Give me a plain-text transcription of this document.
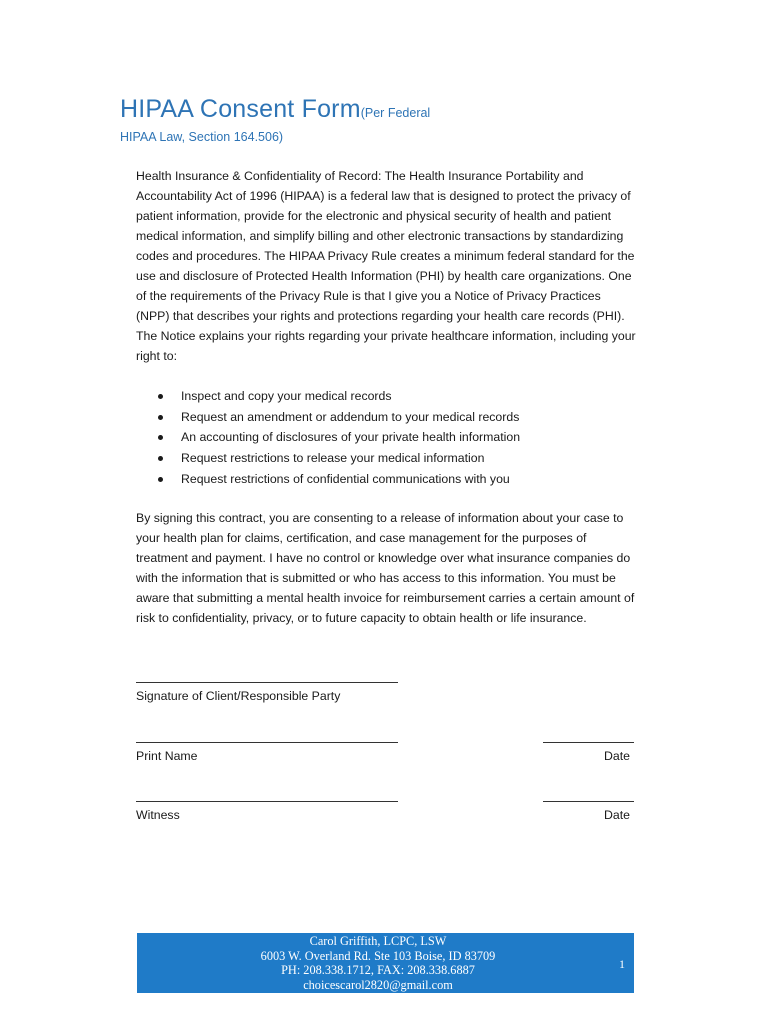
HIPAA Consent Form(Per Federal
HIPAA Law, Section 164.506)
Health Insurance & Confidentiality of Record: The Health Insurance Portability and Accountability Act of 1996 (HIPAA) is a federal law that is designed to protect the privacy of patient information, provide for the electronic and physical security of health and patient medical information, and simplify billing and other electronic transactions by standardizing codes and procedures. The HIPAA Privacy Rule creates a minimum federal standard for the use and disclosure of Protected Health Information (PHI) by health care organizations. One of the requirements of the Privacy Rule is that I give you a Notice of Privacy Practices (NPP) that describes your rights and protections regarding your health care records (PHI). The Notice explains your rights regarding your private healthcare information, including your right to:
Inspect and copy your medical records
Request an amendment or addendum to your medical records
An accounting of disclosures of your private health information
Request restrictions to release your medical information
Request restrictions of confidential communications with you
By signing this contract, you are consenting to a release of information about your case to your health plan for claims, certification, and case management for the purposes of treatment and payment. I have no control or knowledge over what insurance companies do with the information that is submitted or who has access to this information. You must be aware that submitting a mental health invoice for reimbursement carries a certain amount of risk to confidentiality, privacy, or to future capacity to obtain health or life insurance.
Signature of Client/Responsible Party
Print Name	Date
Witness	Date
Carol Griffith, LCPC, LSW
6003 W. Overland Rd. Ste 103 Boise, ID 83709
PH: 208.338.1712, FAX: 208.338.6887
choicescarol2820@gmail.com
1
